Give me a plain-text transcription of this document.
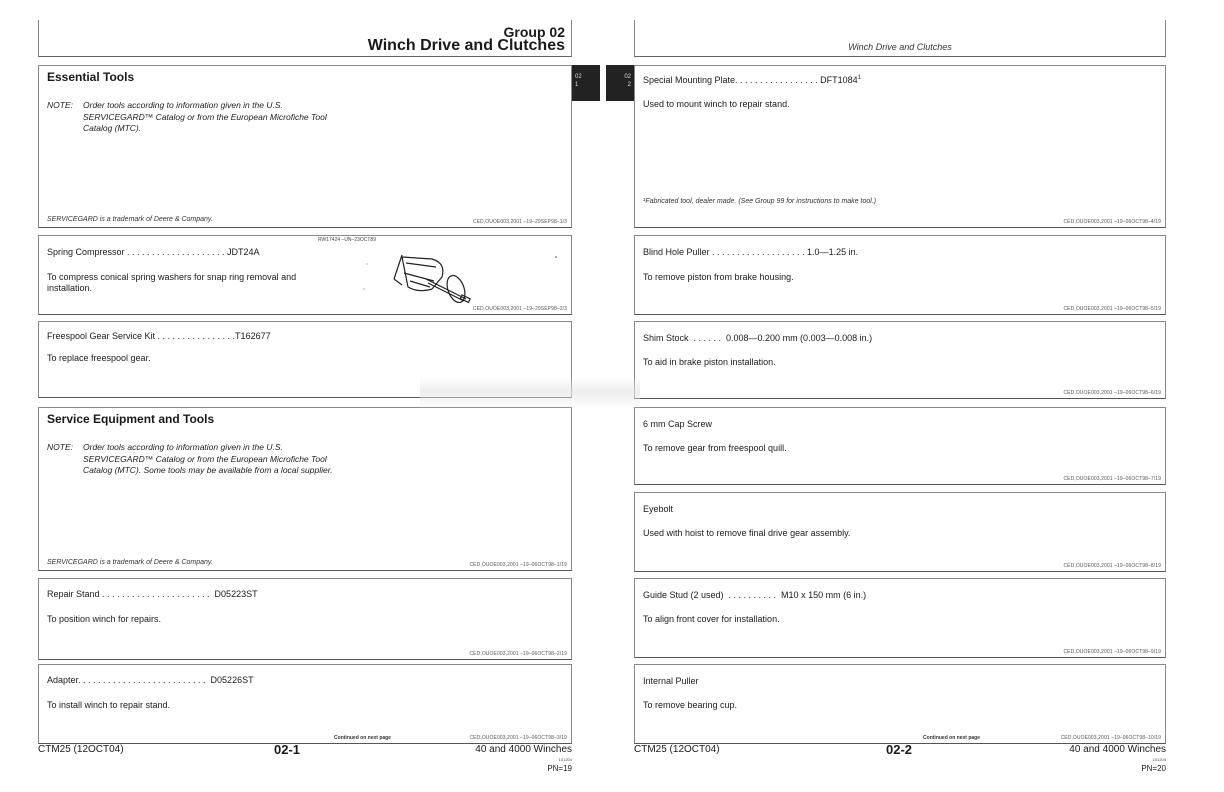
Group 02
Winch Drive and Clutches
Essential Tools
NOTE: Order tools according to information given in the U.S. SERVICEGARD™ Catalog or from the European Microfiche Tool Catalog (MTC).
SERVICEGARD is a trademark of Deere & Company.	CED,OUOE003,2001 –19–29SEP98–1/3
Spring Compressor . . . . . . . . . . . . . . . . . . . . JDT24A
To compress conical spring washers for snap ring removal and installation.
RW17424 –UN–23OCT89
CED,OUOE003,2001 –19–29SEP98–2/3
Freespool Gear Service Kit . . . . . . . . . . . . . . . .T162677
To replace freespool gear.
Service Equipment and Tools
NOTE: Order tools according to information given in the U.S. SERVICEGARD™ Catalog or from the European Microfiche Tool Catalog (MTC). Some tools may be available from a local supplier.
SERVICEGARD is a trademark of Deere & Company.	CED,OUOE003,2001 –19–06OCT98–1/19
Repair Stand . . . . . . . . . . . . . . . . . . . . . .  D05223ST
To position winch for repairs.
CED,OUOE003,2001 –19–06OCT98–2/19
Adapter. . . . . . . . . . . . . . . . . . . . . . . . . .  D05226ST
To install winch to repair stand.
Continued on next page	CED,OUOE003,2001 –19–06OCT98–3/19
CTM25 (12OCT04)	02-1	40 and 4000 Winches
101204
PN=19
02
1
02
2
Winch Drive and Clutches
Special Mounting Plate. . . . . . . . . . . . . . . . . DFT1084$^1$
Used to mount winch to repair stand.
¹Fabricated tool, dealer made. (See Group 99 for instructions to make tool.)
CED,OUOE003,2001 –19–06OCT98–4/19
Blind Hole Puller . . . . . . . . . . . . . . . . . . . 1.0—1.25 in.
To remove piston from brake housing.
CED,OUOE003,2001 –19–06OCT98–5/19
Shim Stock  . . . . . .  0.008—0.200 mm (0.003—0.008 in.)
To aid in brake piston installation.
CED,OUOE003,2001 –19–06OCT98–6/19
6 mm Cap Screw
To remove gear from freespool quill.
CED,OUOE003,2001 –19–06OCT98–7/19
Eyebolt
Used with hoist to remove final drive gear assembly.
CED,OUOE003,2001 –19–06OCT98–8/19
Guide Stud (2 used)  . . . . . . . . . .  M10 x 150 mm (6 in.)
To align front cover for installation.
CED,OUOE003,2001 –19–06OCT98–9/19
Internal Puller
To remove bearing cup.
Continued on next page	CED,OUOE003,2001 –19–06OCT98–10/19
CTM25 (12OCT04)	02-2	40 and 4000 Winches
101204
PN=20
